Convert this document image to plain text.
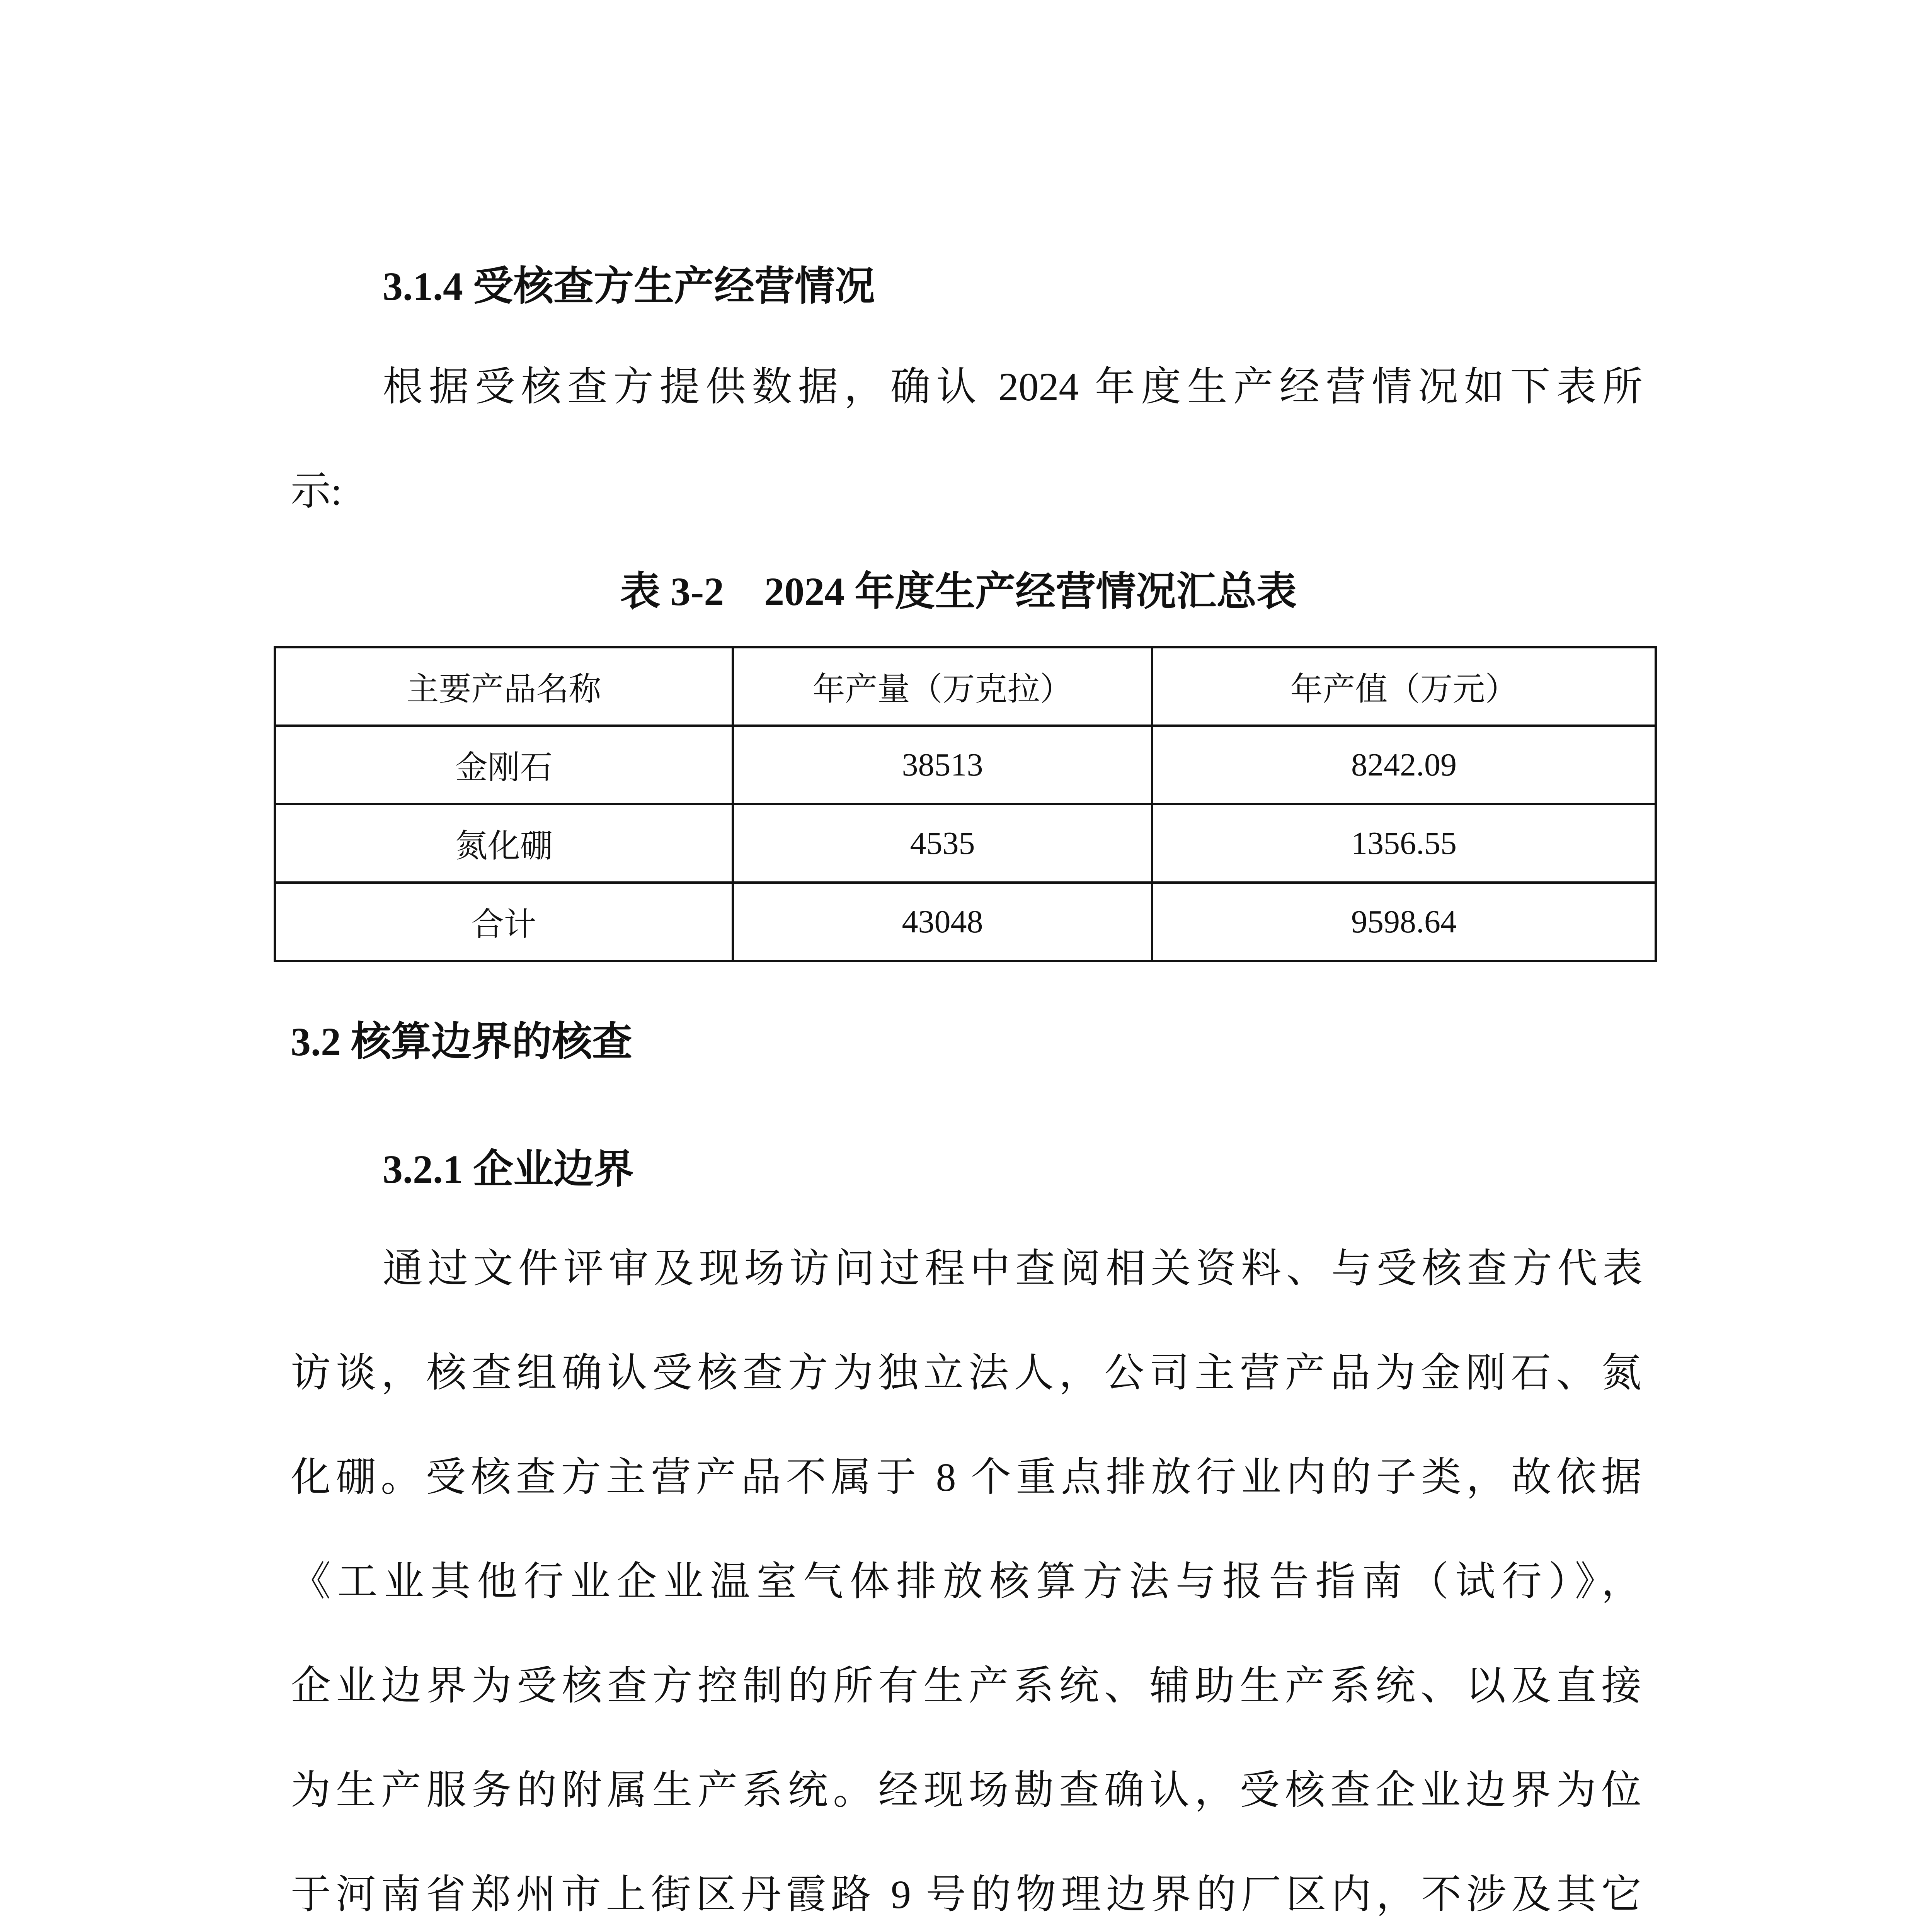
3.1.4 受核查方生产经营情况
根据受核查方提供数据，确认 2024 年度生产经营情况如下表所
示:
表 3-2　2024 年度生产经营情况汇总表
主要产品名称	年产量（万克拉）	年产值（万元）
金刚石	38513	8242.09
氮化硼	4535	1356.55
合计	43048	9598.64
3.2 核算边界的核查
3.2.1 企业边界
通过文件评审及现场访问过程中查阅相关资料、与受核查方代表
访谈，核查组确认受核查方为独立法人，公司主营产品为金刚石、氮
化硼。受核查方主营产品不属于 8 个重点排放行业内的子类，故依据
《工业其他行业企业温室气体排放核算方法与报告指南（试行）》，
企业边界为受核查方控制的所有生产系统、辅助生产系统、以及直接
为生产服务的附属生产系统。经现场勘查确认，受核查企业边界为位
于河南省郑州市上街区丹霞路 9 号的物理边界的厂区内，不涉及其它
